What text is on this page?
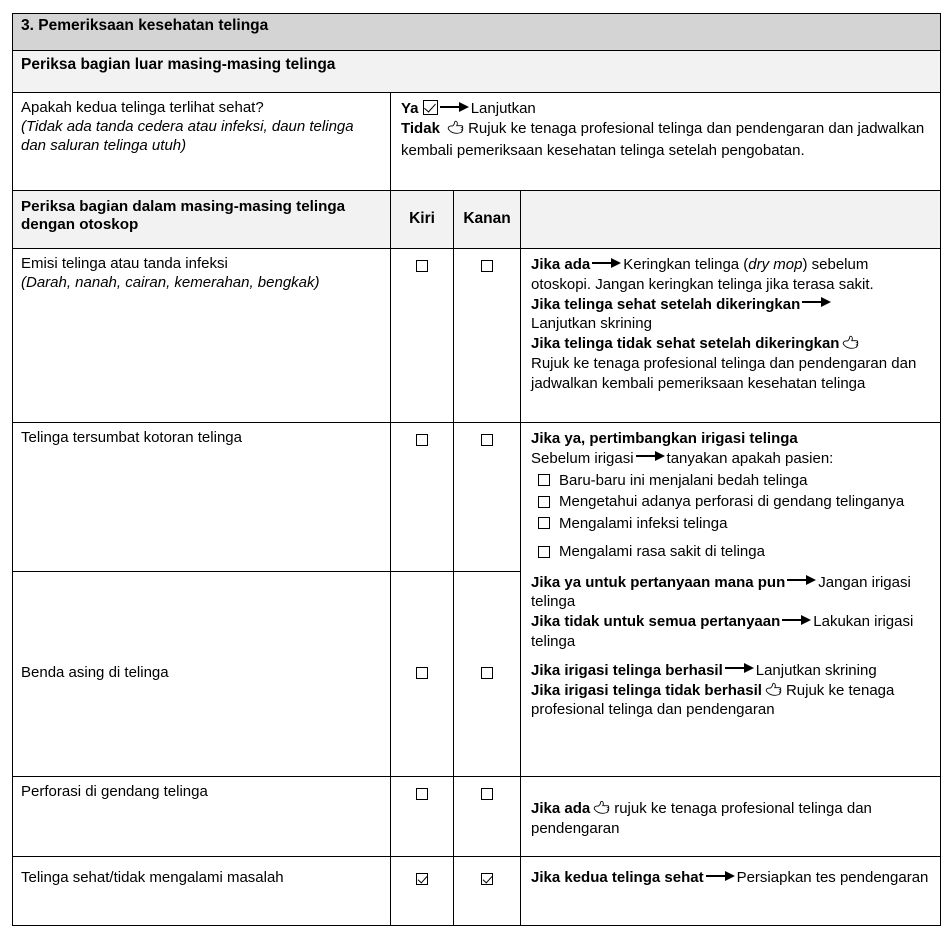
3. Pemeriksaan kesehatan telinga			
Periksa bagian luar masing-masing telinga			

Apakah kedua telinga terlihat sehat?
(Tidak ada tanda cedera atau infeksi, daun telinga dan saluran telinga utuh)

Ya	Lanjutkan
Tidak Rujuk ke tenaga profesional telinga dan pendengaran dan jadwalkan kembali pemeriksaan kesehatan telinga setelah pengobatan.

Periksa bagian dalam masing-masing telinga dengan otoskop	Kiri	Kanan	

Emisi telinga atau tanda infeksi
(Darah, nanah, cairan, kemerahan, bengkak)			Jika ada Keringkan telinga (dry mop) sebelum otoskopi. Jangan keringkan telinga jika terasa sakit.
Jika telinga sehat setelah dikeringkan
Lanjutkan skrining
Jika telinga tidak sehat setelah dikeringkan
Rujuk ke tenaga profesional telinga dan pendengaran dan jadwalkan kembali pemeriksaan kesehatan telinga

Telinga tersumbat kotoran telinga			Jika ya, pertimbangkan irigasi telinga
Sebelum irigasi tanyakan apakah pasien:
Baru-baru ini menjalani bedah telinga
Mengetahui adanya perforasi di gendang telinganya
Mengalami infeksi telinga
Mengalami rasa sakit di telinga
Jika ya untuk pertanyaan mana pun Jangan irigasi telinga
Jika tidak untuk semua pertanyaan Lakukan irigasi telinga
Jika irigasi telinga berhasil Lanjutkan skrining
Jika irigasi telinga tidak berhasil Rujuk ke tenaga profesional telinga dan pendengaran

Benda asing di telinga			

Perforasi di gendang telinga			Jika ada rujuk ke tenaga profesional telinga dan pendengaran

Telinga sehat/tidak mengalami masalah			Jika kedua telinga sehat Persiapkan tes pendengaran
